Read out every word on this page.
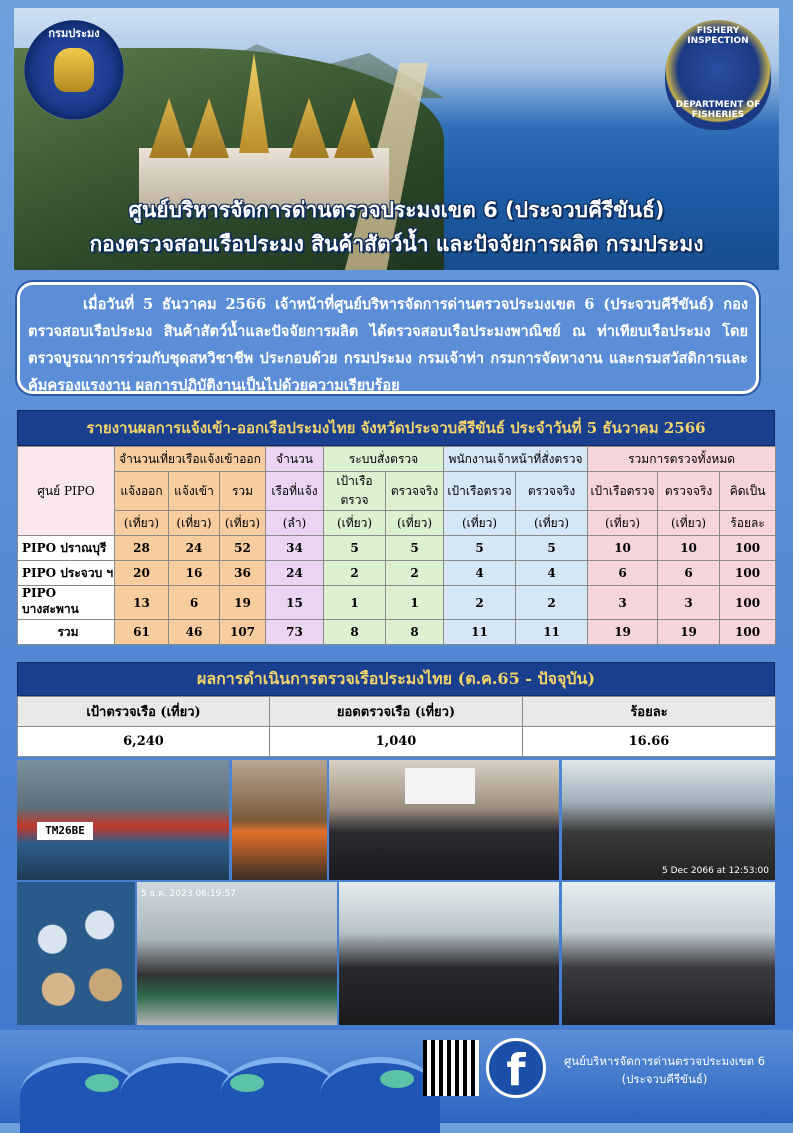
กรมประมง	FISHERY INSPECTION
DEPARTMENT OF FISHERIES
ศูนย์บริหารจัดการด่านตรวจประมงเขต 6 (ประจวบคีรีขันธ์)
กองตรวจสอบเรือประมง สินค้าสัตว์น้ำ และปัจจัยการผลิต กรมประมง

เมื่อวันที่ 5 ธันวาคม 2566 เจ้าหน้าที่ศูนย์บริหารจัดการด่านตรวจประมงเขต 6 (ประจวบคีรีขันธ์) กองตรวจสอบเรือประมง สินค้าสัตว์น้ำและปัจจัยการผลิต ได้ตรวจสอบเรือประมงพาณิชย์ ณ ท่าเทียบเรือประมง โดยตรวจบูรณาการร่วมกับชุดสหวิชาชีพ ประกอบด้วย กรมประมง กรมเจ้าท่า กรมการจัดหางาน และกรมสวัสดิการและคุ้มครองแรงงาน ผลการปฏิบัติงานเป็นไปด้วยความเรียบร้อย

รายงานผลการแจ้งเข้า-ออกเรือประมงไทย จังหวัดประจวบคีรีขันธ์ ประจำวันที่ 5 ธันวาคม 2566
ศูนย์ PIPO	จำนวนเที่ยวเรือแจ้งเข้าออก			จำนวน	ระบบสั่งตรวจ		พนักงานเจ้าหน้าที่สั่งตรวจ		รวมการตรวจทั้งหมด		
	แจ้งออก	แจ้งเข้า	รวม	เรือที่แจ้ง	เป้าเรือตรวจ	ตรวจจริง	เป้าเรือตรวจ	ตรวจจริง	เป้าเรือตรวจ	ตรวจจริง	คิดเป็น
	(เที่ยว)	(เที่ยว)	(เที่ยว)	(ลำ)	(เที่ยว)	(เที่ยว)	(เที่ยว)	(เที่ยว)	(เที่ยว)	(เที่ยว)	ร้อยละ
PIPO ปราณบุรี	28	24	52	34	5	5	5	5	10	10	100
PIPO ประจวบ ฯ	20	16	36	24	2	2	4	4	6	6	100
PIPO บางสะพาน	13	6	19	15	1	1	2	2	3	3	100
รวม	61	46	107	73	8	8	11	11	19	19	100
ผลการดำเนินการตรวจเรือประมงไทย (ต.ค.65 - ปัจจุบัน)
เป้าตรวจเรือ (เที่ยว)	ยอดตรวจเรือ (เที่ยว)	ร้อยละ
6,240	1,040	16.66
TM26BE
5 Dec 2066 at 12:53:00
5 ธ.ค. 2023 06:19:57
f	ศูนย์บริหารจัดการด่านตรวจประมงเขต 6
(ประจวบคีรีขันธ์)
